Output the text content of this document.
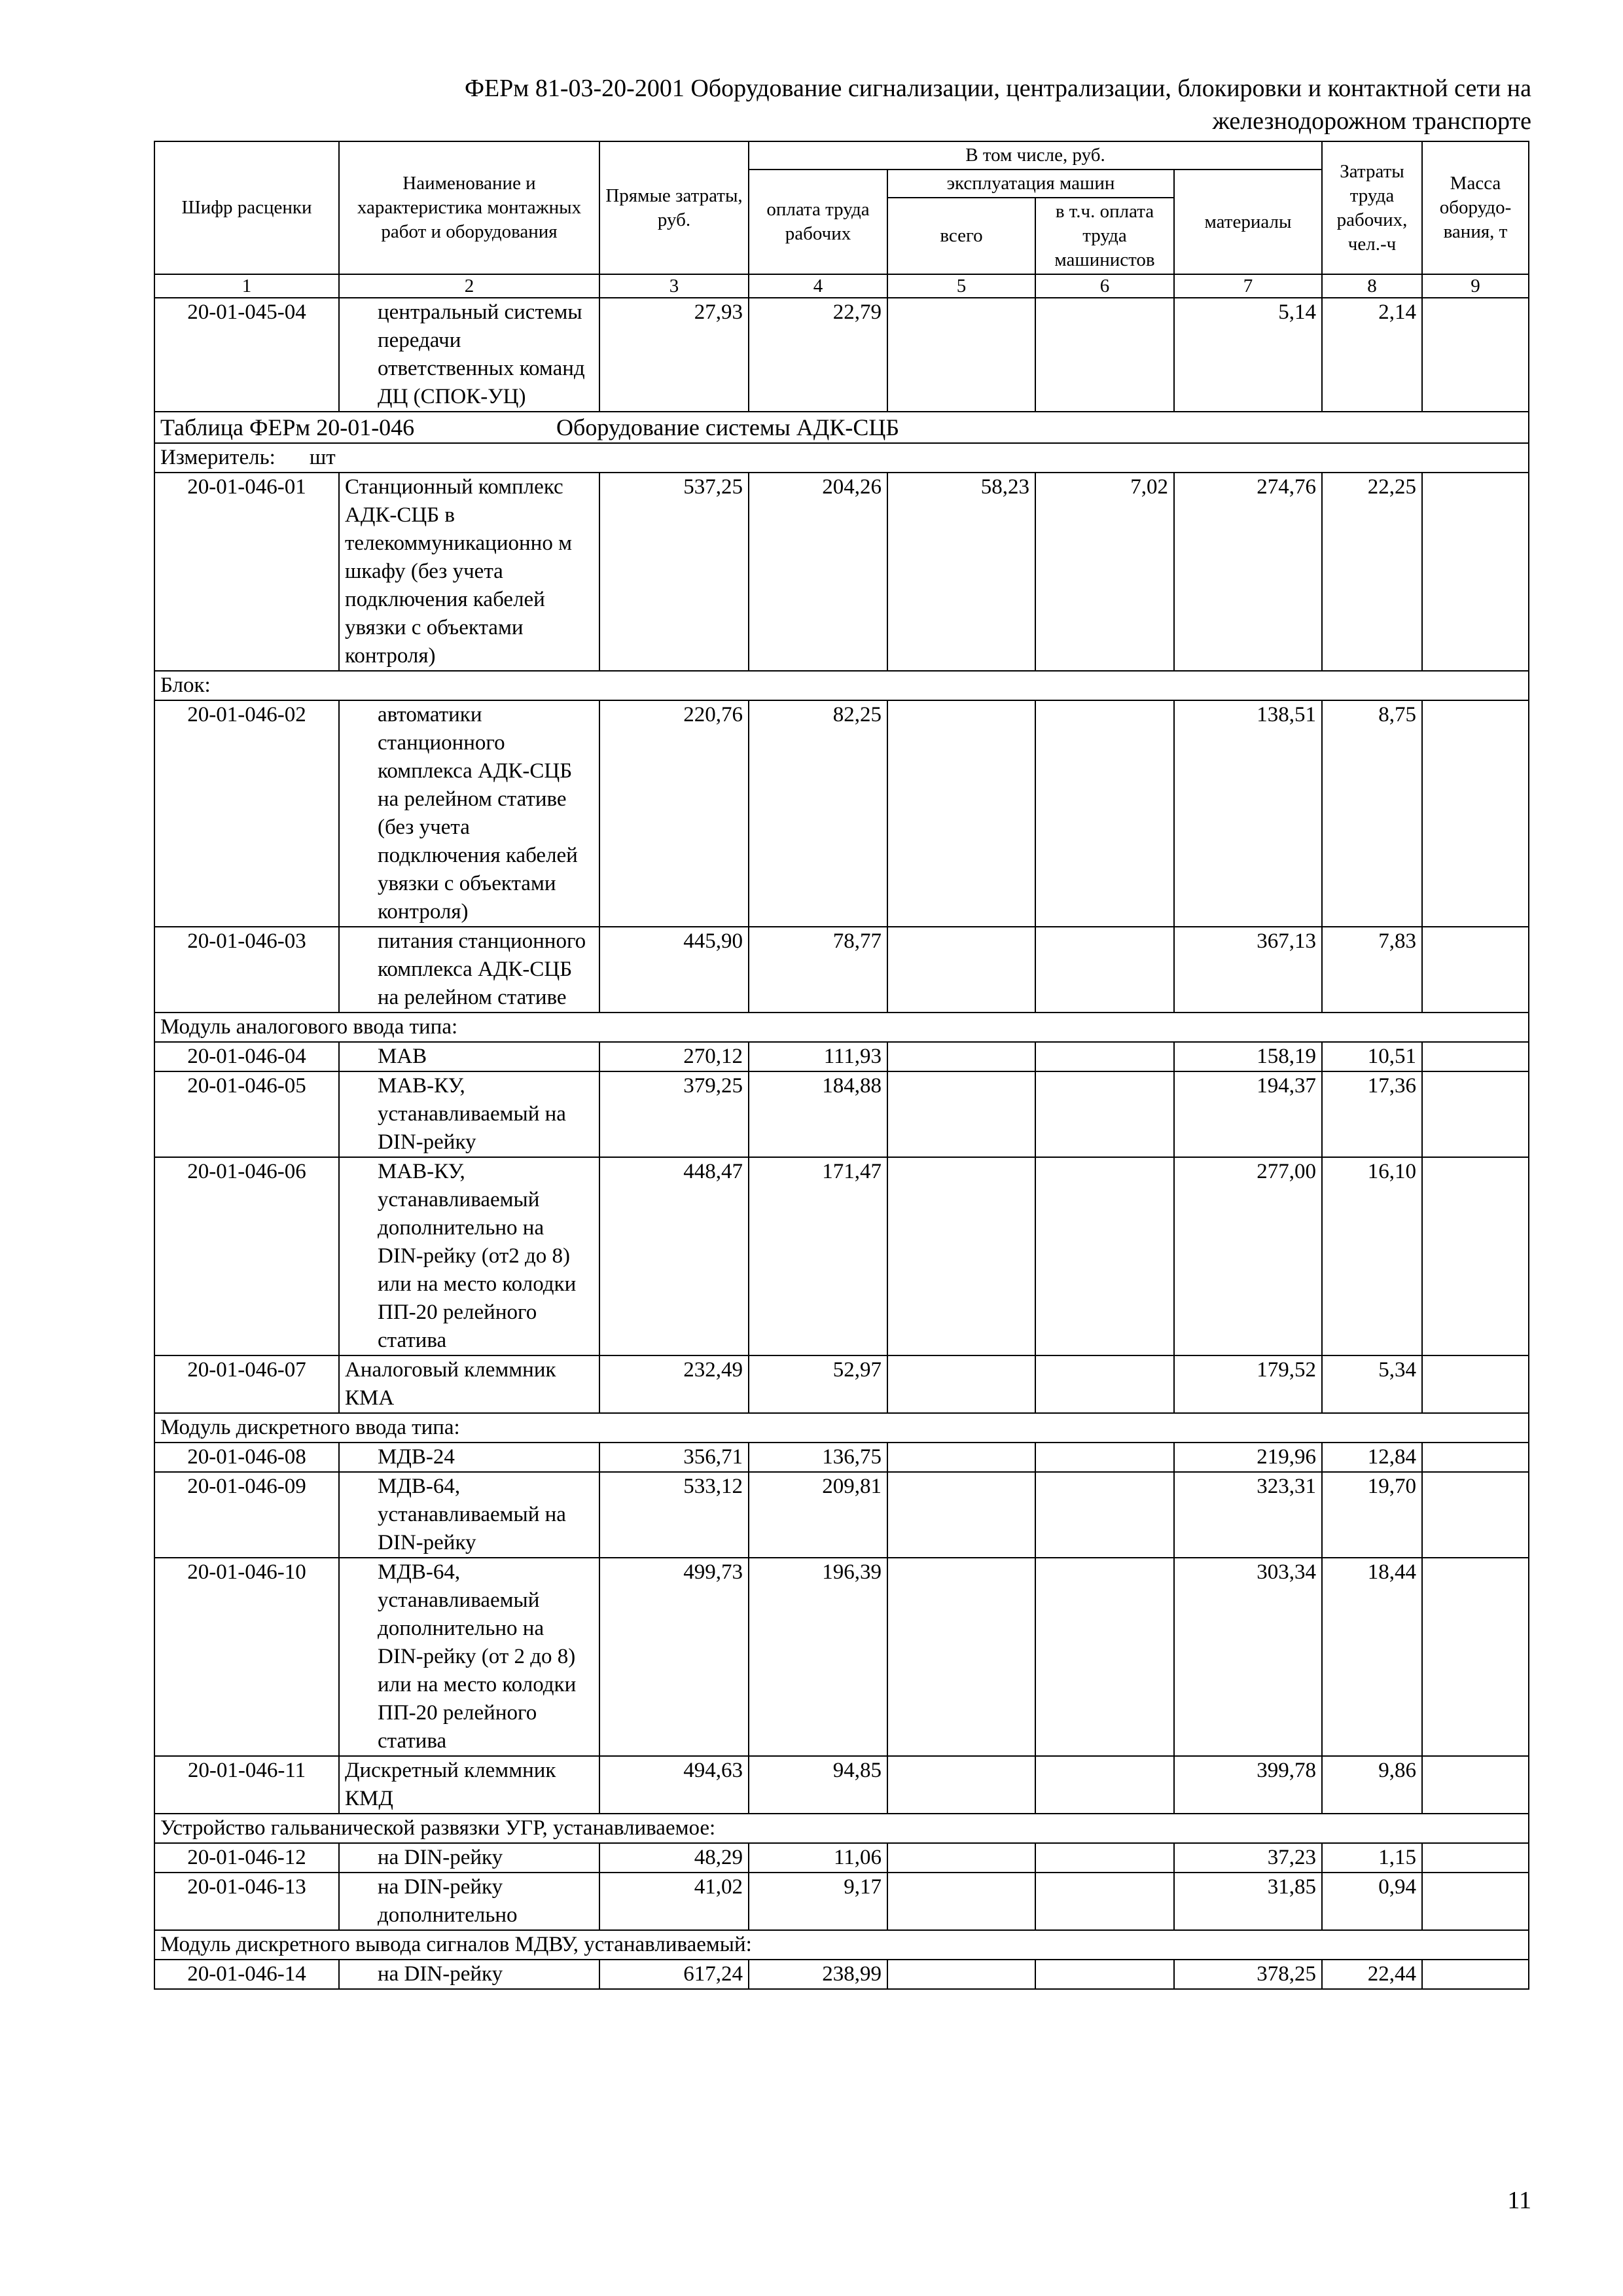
ФЕРм 81-03-20-2001 Оборудование сигнализации, централизации, блокировки и контактной сети на железнодорожном транспорте
Шифр расценки	Наименование и характеристика монтажных работ и оборудования	Прямые затраты, руб.	В том числе, руб.				Затраты труда рабочих, чел.-ч	Масса оборудо-вания, т
			оплата труда рабочих	эксплуатация машин		материалы		
				всего	в т.ч. оплата труда машинистов			
1	2	3	4	5	6	7	8	9
20-01-045-04	центральный системы передачи ответственных команд ДЦ (СПОК-УЦ)	27,93	22,79			5,14	2,14	
Таблица ФЕРм 20-01-046 Оборудование системы АДК-СЦБ								
Измеритель: шт								
20-01-046-01	Станционный комплекс АДК-СЦБ в телекоммуникационно м шкафу (без учета подключения кабелей увязки с объектами контроля)	537,25	204,26	58,23	7,02	274,76	22,25	
Блок:								
20-01-046-02	автоматики станционного комплекса АДК-СЦБ на релейном стативе (без учета подключения кабелей увязки с объектами контроля)	220,76	82,25			138,51	8,75	
20-01-046-03	питания станционного комплекса АДК-СЦБ на релейном стативе	445,90	78,77			367,13	7,83	
Модуль аналогового ввода типа:								
20-01-046-04	МАВ	270,12	111,93			158,19	10,51	
20-01-046-05	МАВ-КУ, устанавливаемый на DIN-рейку	379,25	184,88			194,37	17,36	
20-01-046-06	МАВ-КУ, устанавливаемый дополнительно на DIN-рейку (от2 до 8) или на место колодки ПП-20 релейного статива	448,47	171,47			277,00	16,10	
20-01-046-07	Аналоговый клеммник КМА	232,49	52,97			179,52	5,34	
Модуль дискретного ввода типа:								
20-01-046-08	МДВ-24	356,71	136,75			219,96	12,84	
20-01-046-09	МДВ-64, устанавливаемый на DIN-рейку	533,12	209,81			323,31	19,70	
20-01-046-10	МДВ-64, устанавливаемый дополнительно на DIN-рейку (от 2 до 8) или на место колодки ПП-20 релейного статива	499,73	196,39			303,34	18,44	
20-01-046-11	Дискретный клеммник КМД	494,63	94,85			399,78	9,86	
Устройство гальванической развязки УГР, устанавливаемое:								
20-01-046-12	на DIN-рейку	48,29	11,06			37,23	1,15	
20-01-046-13	на DIN-рейку дополнительно	41,02	9,17			31,85	0,94	
Модуль дискретного вывода сигналов МДВУ, устанавливаемый:								
20-01-046-14	на DIN-рейку	617,24	238,99			378,25	22,44	
11
